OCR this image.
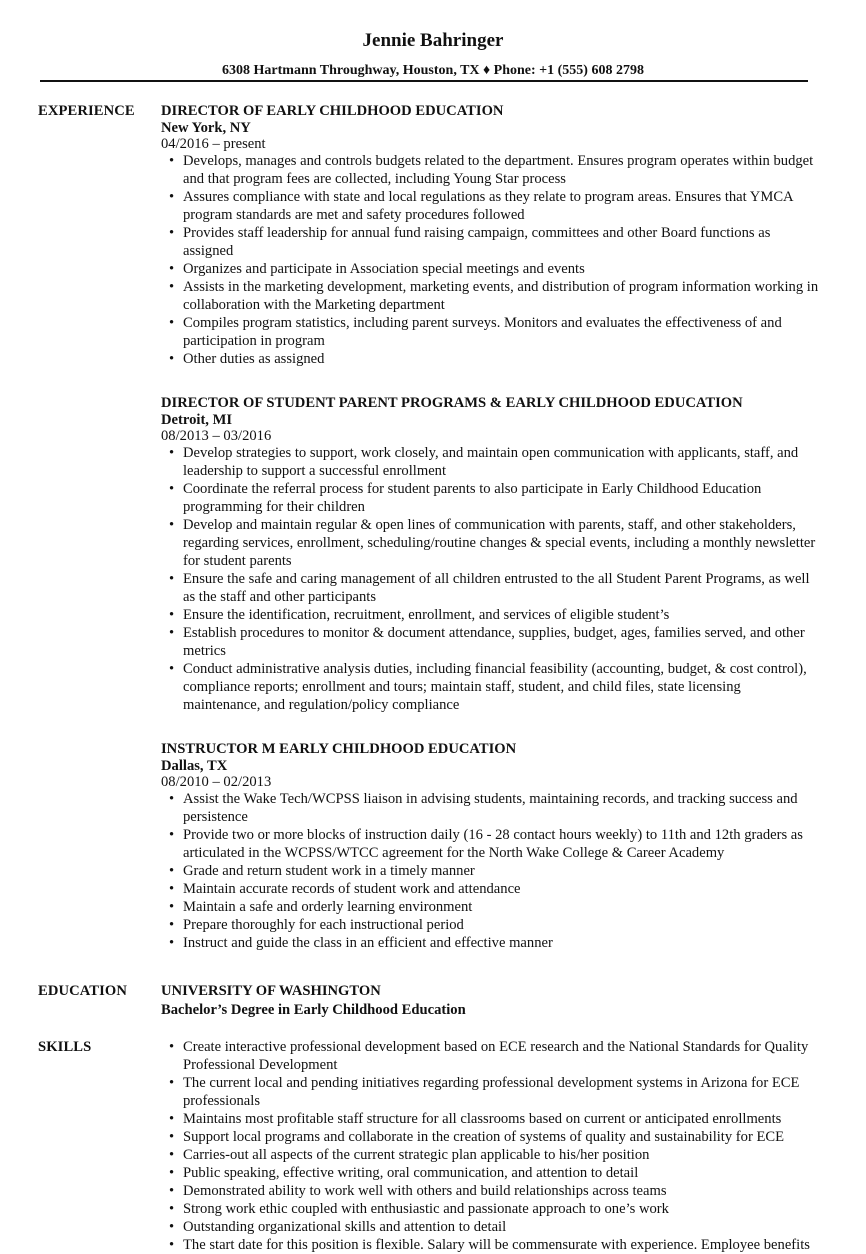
Jennie Bahringer
6308 Hartmann Throughway, Houston, TX ♦ Phone: +1 (555) 608 2798
EXPERIENCE DIRECTOR OF EARLY CHILDHOOD EDUCATION
New York, NY
04/2016 – present
• Develops, manages and controls budgets related to the department. Ensures program operates within budget and that program fees are collected, including Young Star process
• Assures compliance with state and local regulations as they relate to program areas. Ensures that YMCA program standards are met and safety procedures followed
• Provides staff leadership for annual fund raising campaign, committees and other Board functions as assigned
• Organizes and participate in Association special meetings and events
• Assists in the marketing development, marketing events, and distribution of program information working in collaboration with the Marketing department
• Compiles program statistics, including parent surveys. Monitors and evaluates the effectiveness of and participation in program
• Other duties as assigned
DIRECTOR OF STUDENT PARENT PROGRAMS & EARLY CHILDHOOD EDUCATION
Detroit, MI
08/2013 – 03/2016
• Develop strategies to support, work closely, and maintain open communication with applicants, staff, and leadership to support a successful enrollment
• Coordinate the referral process for student parents to also participate in Early Childhood Education programming for their children
• Develop and maintain regular & open lines of communication with parents, staff, and other stakeholders, regarding services, enrollment, scheduling/routine changes & special events, including a monthly newsletter for student parents
• Ensure the safe and caring management of all children entrusted to the all Student Parent Programs, as well as the staff and other participants
• Ensure the identification, recruitment, enrollment, and services of eligible student’s
• Establish procedures to monitor & document attendance, supplies, budget, ages, families served, and other metrics
• Conduct administrative analysis duties, including financial feasibility (accounting, budget, & cost control), compliance reports; enrollment and tours; maintain staff, student, and child files, state licensing maintenance, and regulation/policy compliance
INSTRUCTOR M EARLY CHILDHOOD EDUCATION
Dallas, TX
08/2010 – 02/2013
• Assist the Wake Tech/WCPSS liaison in advising students, maintaining records, and tracking success and persistence
• Provide two or more blocks of instruction daily (16 - 28 contact hours weekly) to 11th and 12th graders as articulated in the WCPSS/WTCC agreement for the North Wake College & Career Academy
• Grade and return student work in a timely manner
• Maintain accurate records of student work and attendance
• Maintain a safe and orderly learning environment
• Prepare thoroughly for each instructional period
• Instruct and guide the class in an efficient and effective manner
EDUCATION UNIVERSITY OF WASHINGTON
Bachelor’s Degree in Early Childhood Education
SKILLS
•	Create interactive professional development based on ECE research and the National Standards for Quality Professional Development
• The current local and pending initiatives regarding professional development systems in Arizona for ECE professionals
• Maintains most profitable staff structure for all classrooms based on current or anticipated enrollments
• Support local programs and collaborate in the creation of systems of quality and sustainability for ECE
• Carries-out all aspects of the current strategic plan applicable to his/her position
• Public speaking, effective writing, oral communication, and attention to detail
• Demonstrated ability to work well with others and build relationships across teams
• Strong work ethic coupled with enthusiastic and passionate approach to one’s work
• Outstanding organizational skills and attention to detail
• The start date for this position is flexible. Salary will be commensurate with experience. Employee benefits
